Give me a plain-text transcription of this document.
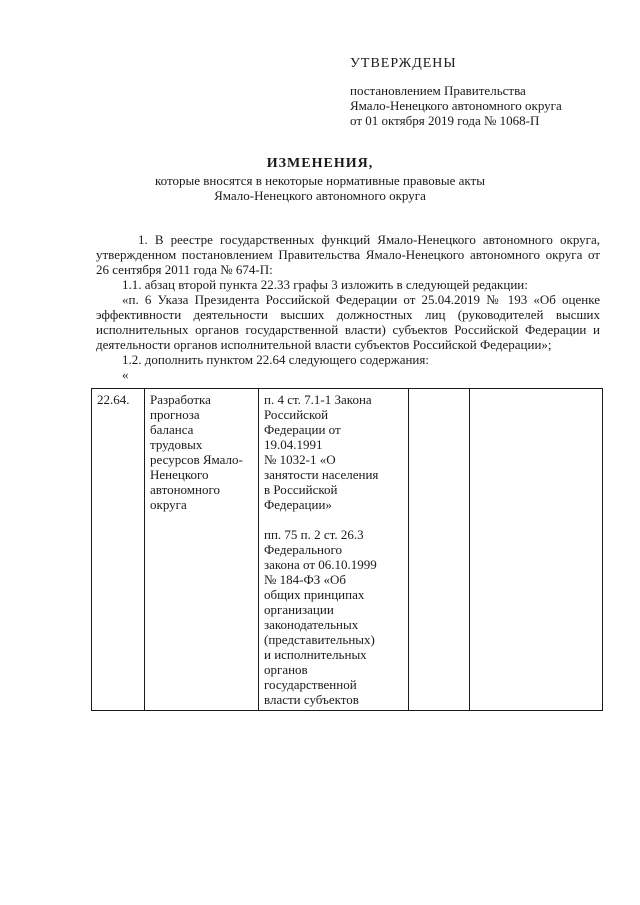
УТВЕРЖДЕНЫ
постановлением Правительства
Ямало-Ненецкого автономного округа
от 01 октября 2019 года № 1068-П
ИЗМЕНЕНИЯ,
которые вносятся в некоторые нормативные правовые акты
Ямало-Ненецкого автономного округа

1. В реестре государственных функций Ямало-Ненецкого автономного округа, утвержденном постановлением Правительства Ямало-Ненецкого автономного округа от 26 сентября 2011 года № 674-П:

1.1. абзац второй пункта 22.33 графы 3 изложить в следующей редакции:

«п. 6 Указа Президента Российской Федерации от 25.04.2019 № 193 «Об оценке эффективности деятельности высших должностных лиц (руководителей высших исполнительных органов государственной власти) субъектов Российской Федерации и деятельности органов исполнительной власти субъектов Российской Федерации»;

1.2. дополнить пунктом 22.64 следующего содержания:

«
22.64.	Разработка
прогноза
баланса
трудовых
ресурсов Ямало-
Ненецкого
автономного
округа	п. 4 ст. 7.1-1 Закона
Российской
Федерации от
19.04.1991
№ 1032-1 «О
занятости населения
в Российской
Федерации»

пп. 75 п. 2 ст. 26.3
Федерального
закона от 06.10.1999
№ 184-ФЗ «Об
общих принципах
организации
законодательных
(представительных)
и исполнительных
органов
государственной
власти субъектов		
